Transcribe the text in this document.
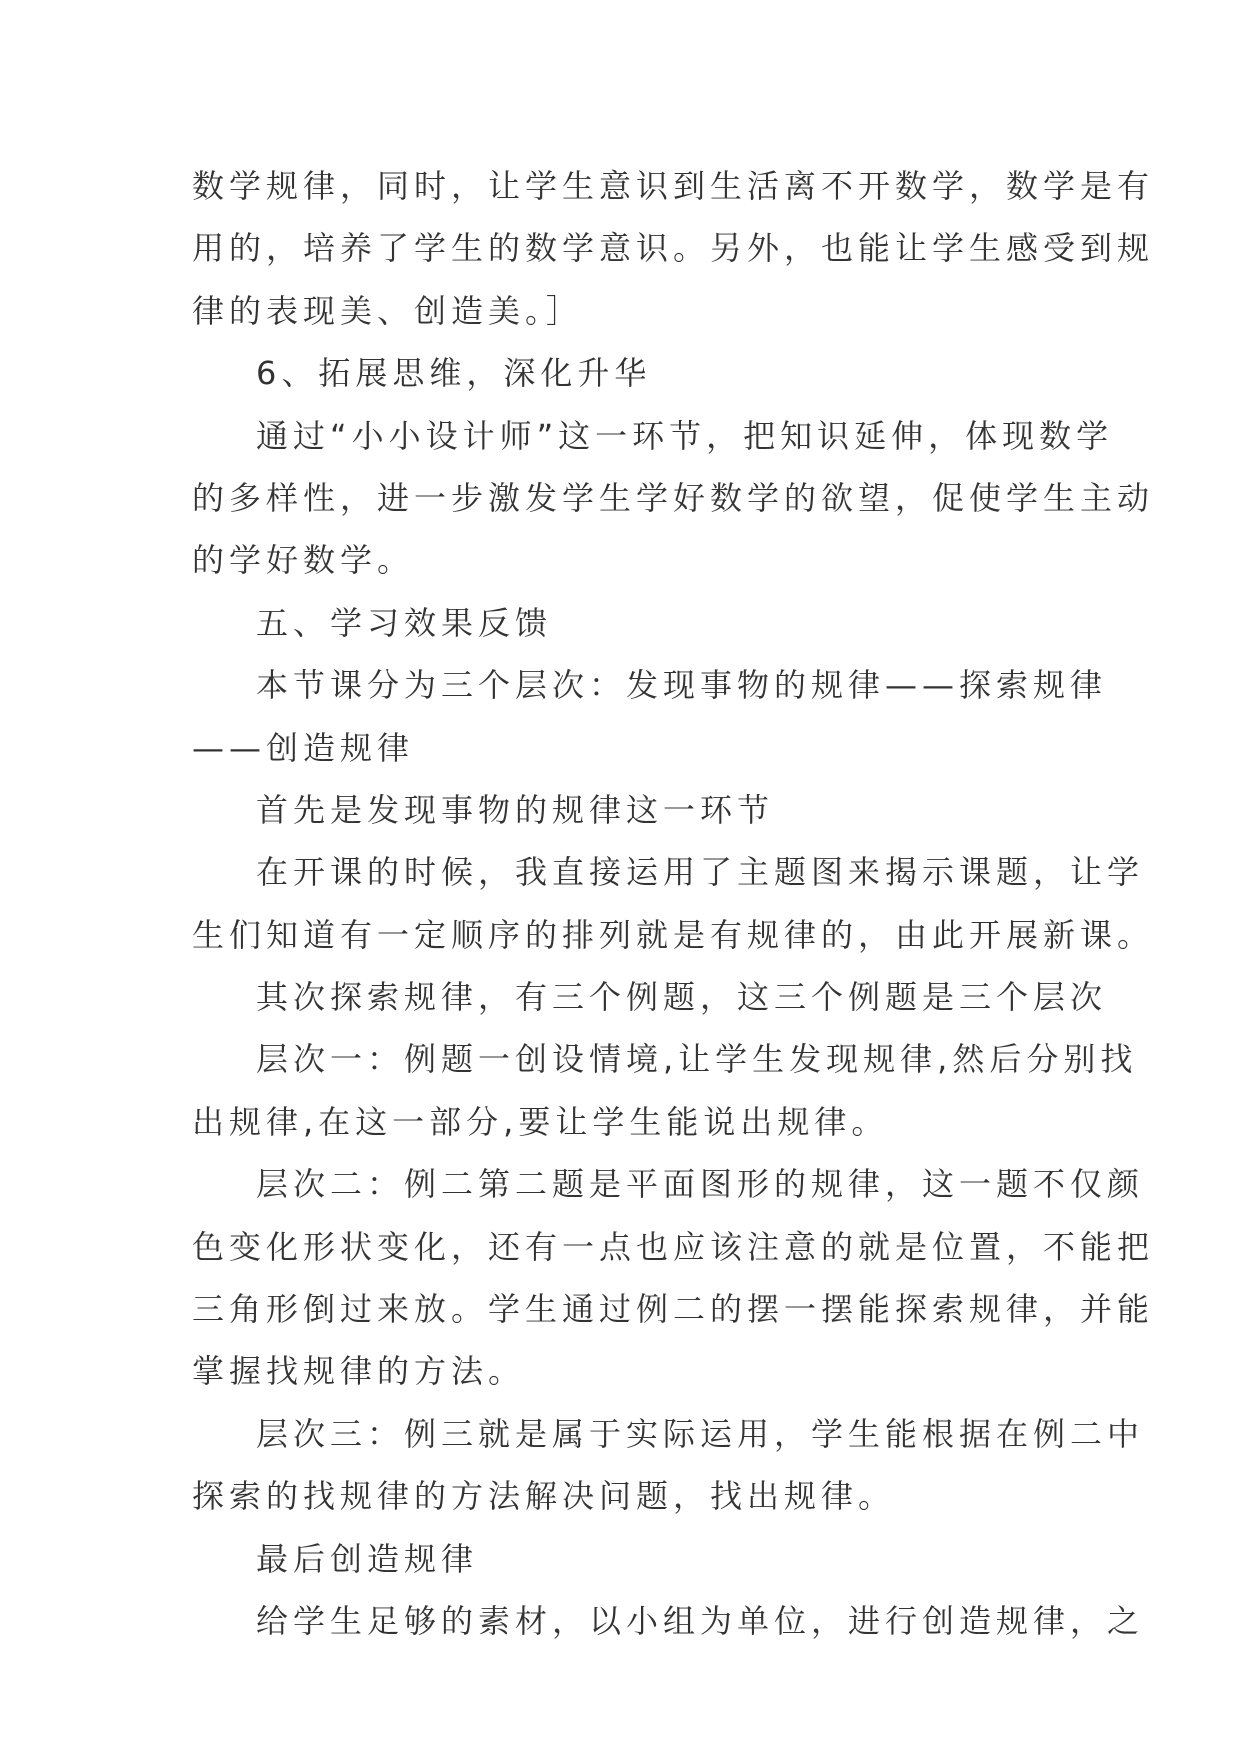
数学规律，同时，让学生意识到生活离不开数学，数学是有
用的，培养了学生的数学意识。另外，也能让学生感受到规
律的表现美、创造美。］
6、拓展思维，深化升华
通过“小小设计师”这一环节，把知识延伸，体现数学
的多样性，进一步激发学生学好数学的欲望，促使学生主动
的学好数学。
五、学习效果反馈
本节课分为三个层次：发现事物的规律——探索规律
——创造规律
首先是发现事物的规律这一环节
在开课的时候，我直接运用了主题图来揭示课题，让学
生们知道有一定顺序的排列就是有规律的，由此开展新课。
其次探索规律，有三个例题，这三个例题是三个层次
层次一：例题一创设情境,让学生发现规律,然后分别找
出规律,在这一部分,要让学生能说出规律。
层次二：例二第二题是平面图形的规律，这一题不仅颜
色变化形状变化，还有一点也应该注意的就是位置，不能把
三角形倒过来放。学生通过例二的摆一摆能探索规律，并能
掌握找规律的方法。
层次三：例三就是属于实际运用，学生能根据在例二中
探索的找规律的方法解决问题，找出规律。
最后创造规律
给学生足够的素材，以小组为单位，进行创造规律，之
